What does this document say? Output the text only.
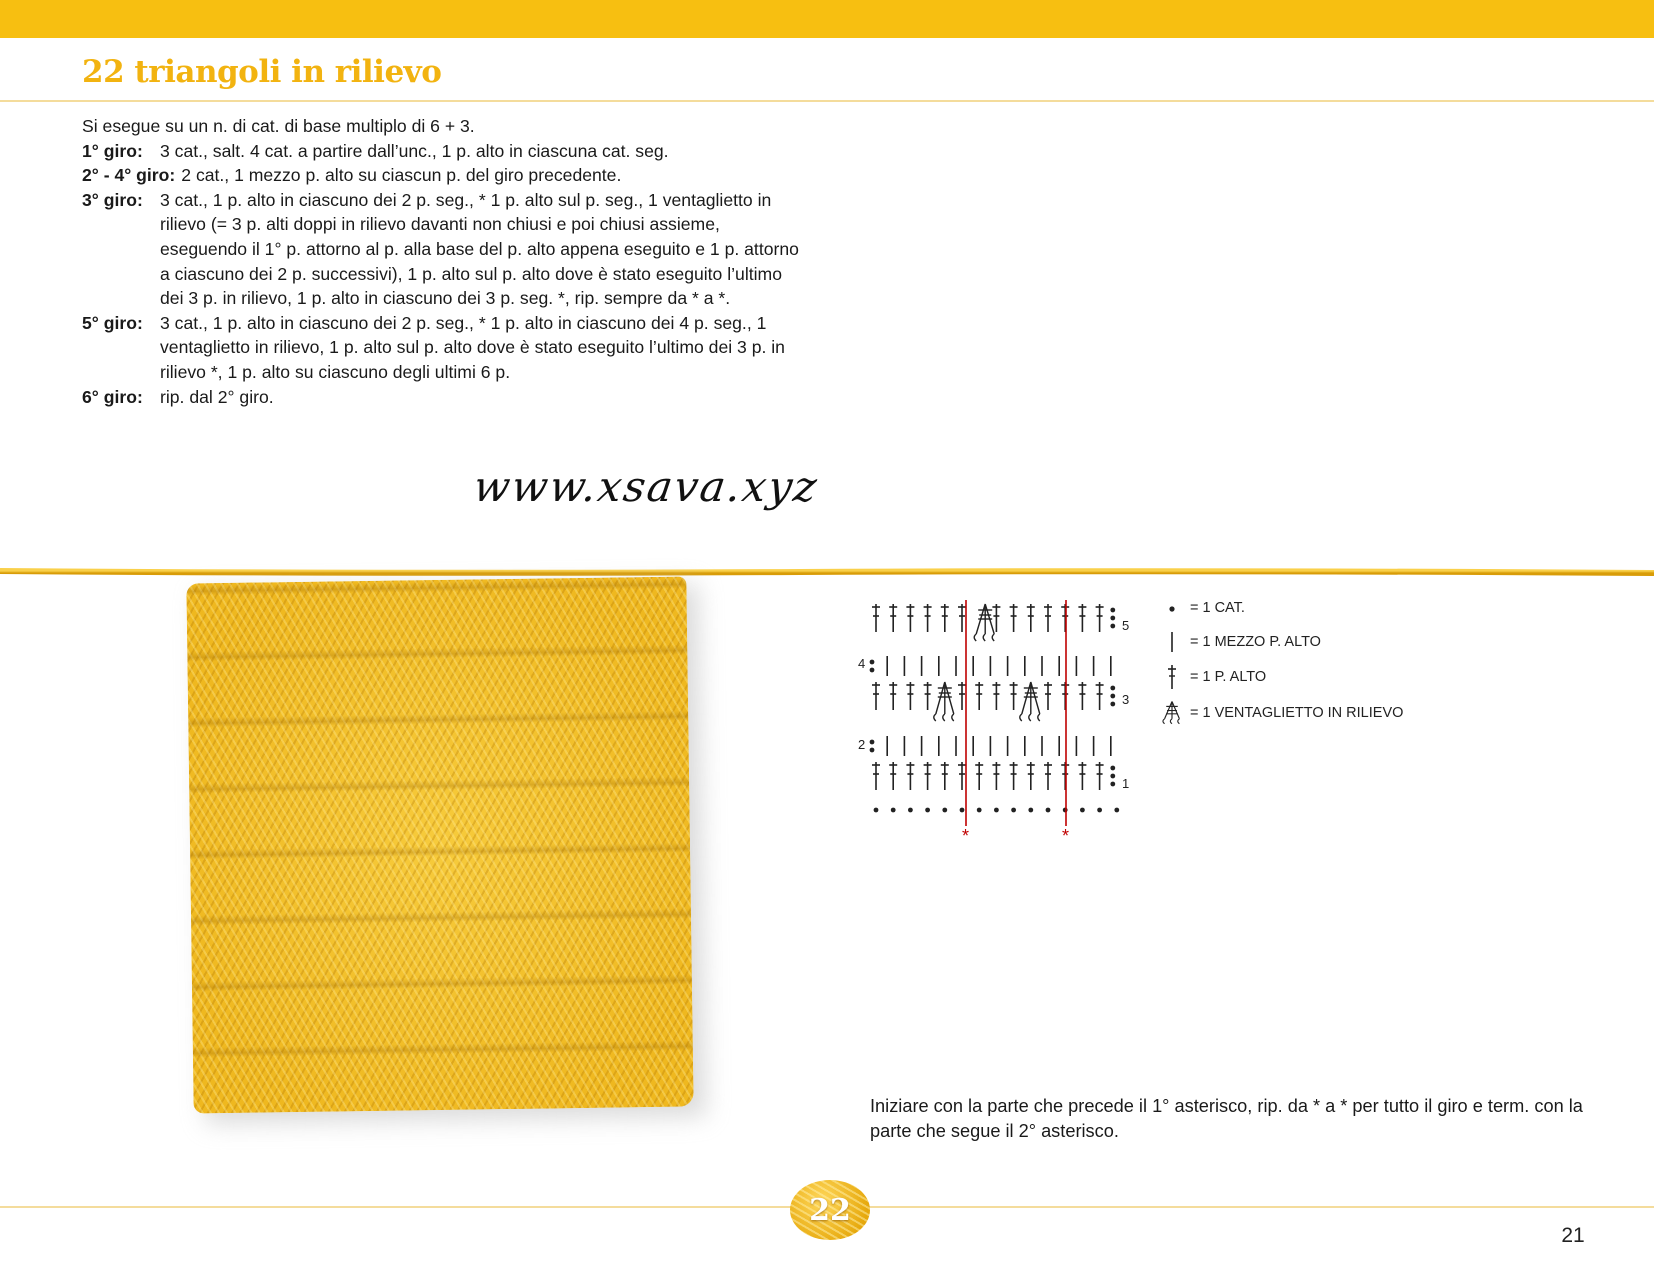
22 triangoli in rilievo

Si esegue su un n. di cat. di base multiplo di 6 + 3.

1° giro: 3 cat., salt. 4 cat. a partire dall’unc., 1 p. alto in ciascuna cat. seg.
2° - 4° giro: 2 cat., 1 mezzo p. alto su ciascun p. del giro precedente.
3° giro: 3 cat., 1 p. alto in ciascuno dei 2 p. seg., * 1 p. alto sul p. seg., 1 ventaglietto in rilievo (= 3 p. alti doppi in rilievo davanti non chiusi e poi chiusi assieme, eseguendo il 1° p. attorno al p. alla base del p. alto appena eseguito e 1 p. attorno a ciascuno dei 2 p. successivi), 1 p. alto sul p. alto dove è stato eseguito l’ultimo dei 3 p. in rilievo, 1 p. alto in ciascuno dei 3 p. seg. *, rip. sempre da * a *.
5° giro: 3 cat., 1 p. alto in ciascuno dei 2 p. seg., * 1 p. alto in ciascuno dei 4 p. seg., 1 ventaglietto in rilievo, 1 p. alto sul p. alto dove è stato eseguito l’ultimo dei 3 p. in rilievo *, 1 p. alto su ciascuno degli ultimi 6 p.
6° giro: rip. dal 2° giro.
www.xsava.xyz
5
4
3
2
1
*	*
= 1 CAT.
= 1 MEZZO P. ALTO
= 1 P. ALTO
= 1 VENTAGLIETTO IN RILIEVO

Iniziare con la parte che precede il 1° asterisco, rip. da * a * per tutto il giro e term. con la parte che segue il 2° asterisco.

22
21
